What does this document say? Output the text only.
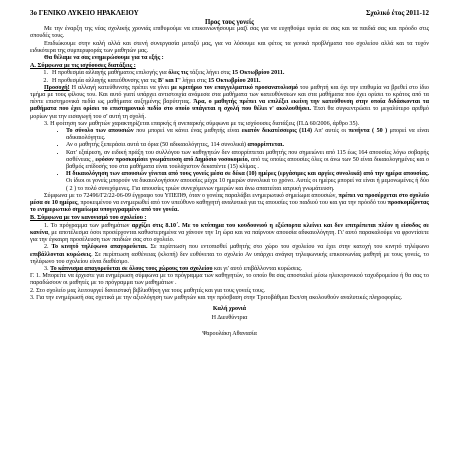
3ο ΓΕΝΙΚΟ ΛΥΚΕΙΟ ΗΡΑΚΛΕΙΟΥ	Σχολικό έτος 2011-12
Προς τους γονείς

Με την έναρξη της νέας σχολικής χρονιάς επιθυμούμε να επικοινωνήσουμε μαζί σας για να ευχηθούμε υγεία σε σας και τα παιδιά σας και πρόοδο στις σπουδές τους.

Επιδιώκουμε στην καλή αλλά και στενή συνεργασία μεταξύ μας, για να λύσουμε και φέτος τα γενικά προβλήματα του σχολείου αλλά και τα τυχόν ειδικότερα της συμπεριφοράς των μαθητών μας.

Θα θέλαμε να σας ενημερώσουμε για τα εξής :

Α. Σύμφωνα με τις ισχύουσες διατάξεις :
1. Η προθεσμία αλλαγής μαθήματος επιλογής για όλες τις τάξεις λήγει στις 15 Οκτωβρίου 2011.
2. Η προθεσμία αλλαγής κατεύθυνσης για τις Β' και Γ' λήγει στις 15 Οκτωβρίου 2011.

Προσοχή! Η αλλαγή κατεύθυνσης πρέπει να γίνει με κριτήριο τον επαγγελματικό προσανατολισμό του μαθητή και όχι την επιθυμία να βρεθεί στο ίδιο τμήμα με τους φίλους του. Και αυτό γιατί υπάρχει αντιστοιχία ανάμεσα στα μαθήματα των κατευθύνσεων και στα μαθήματα που έχει ορίσει το κράτος από τα πέντε επιστημονικά πεδία ως μαθήματα αυξημένης βαρύτητας. Άρα, ο μαθητής πρέπει να επιλέξει εκείνη την κατεύθυνση στην οποία διδάσκονται τα μαθήματα που έχει ορίσει το επιστημονικό πεδίο στο οποίο υπάγεται η σχολή που θέλει ν' ακολουθήσει. Έτσι θα συγκεντρώσει το μεγαλύτερο αριθμό μορίων για την εισαγωγή του σ' αυτή τη σχολή.

3. Η φοίτηση των μαθητών χαρακτηρίζεται επαρκής ή ανεπαρκής σύμφωνα με τις ισχύουσες διατάξεις (Π.Δ 60/2006, άρθρο 35).

• Το σύνολο των απουσιών που μπορεί να κάνει ένας μαθητής είναι εκατόν δεκατέσσερις (114) Απ' αυτές οι πενήντα ( 50 ) μπορεί να είναι αδικαιολόγητες.
• Αν ο μαθητής ξεπεράσει αυτά τα όρια (50 αδικαιολόγητες, 114 συνολικά) απορρίπτεται.
• Κατ' εξαίρεση, αν ειδική πράξη του συλλόγου των καθηγητών δεν απορρίπτεται μαθητής που σημειώνει από 115 έως 164 απουσίες λόγω σοβαρής ασθένειας , εφόσον προσκομίσει γνωμάτευση από Δημόσιο νοσοκομείο, από τις οποίες απουσίες όλες οι άνω των 50 είναι δικαιολογημένες και ο βαθμός επίδοσής του στα μαθήματα είναι τουλάχιστον δεκαπέντε (15) κλίμας .
• Η δικαιολόγηση των απουσιών γίνεται από τους γονείς μέσα σε δέκα (10) ημέρες (εργάσιμες και αργίες συνολικά) από την ημέρα απουσίας. Οι ίδιοι οι γονείς μπορούν να δικαιολογήσουν απουσίες μέχρι 10 ημερών συνολικά το χρόνο. Αυτές οι ημέρες μπορεί να είναι ή μεμονωμένες ή δύο ( 2 ) το πολύ συνεχόμενες. Για απουσίες τριών συνεχόμενων ημερών και άνω απαιτείται ιατρική γνωμάτευση.

Σύμφωνα με το 72496/Γ2/22-06-09 έγγραφο του ΥΠΕΠΘ, όταν ο γονέας παραλάβει ενημερωτικό σημείωμα απουσιών, πρέπει να προσέρχεται στο σχολείο μέσα σε 10 ημέρες, προκειμένου να ενημερωθεί από τον υπεύθυνο καθηγητή αναλυτικά για τις απουσίες του παιδιού του και για την πρόοδό του προσκομίζοντας το ενημερωτικό σημείωμα υπογεγραμμένο από τον γονέα.

Β. Σύμφωνα με τον κανονισμό του σχολείου :

1. Το πρόγραμμα των μαθημάτων αρχίζει στις 8.10΄. Με το κτύπημα του κουδουνιού η εξώπορτα κλείνει και δεν επιτρέπεται πλέον η είσοδος σε κανένα, με αποτέλεσμα όσοι προσέρχονται καθυστερημένα να χάνουν την 1η ώρα και να παίρνουν απουσία αδικαιολόγητη. Γι' αυτό παρακαλούμε να φροντίσετε για την έγκαιρη προσέλευση των παιδιών σας στο σχολείο.

2. Το κινητό τηλέφωνο απαγορεύεται. Σε περίπτωση που εντοπισθεί μαθητής στο χώρο του σχολείου να έχει στην κατοχή του κινητό τηλέφωνο επιβάλλονται κυρώσεις. Σε περίπτωση ασθένειας (κλοπή) δεν ευθύνεται το σχολείο Αν υπάρχει ανάγκη τηλεφωνικής επικοινωνίας μαθητή με τους γονείς, το τηλέφωνο του σχολείου είναι διαθέσιμο.

3. Το κάπνισμα απαγορεύεται σε όλους τους χώρους του σχολείου και γι' αυτό επιβάλλονται κυρώσεις.

Γ. 1. Μπορείτε να έρχεστε για ενημέρωση σύμφωνα με το πρόγραμμα των καθηγητών, το οποίο θα σας αποσταλεί μέσω ηλεκτρονικού ταχυδρομείου ή θα σας το παραδώσουν οι μαθητές με το πρόγραμμα των μαθημάτων .

2. Στο σχολείο μας λειτουργεί δανειστική βιβλιοθήκη για τους μαθητές και για τους γονείς τους.

3. Για την ενημέρωσή σας σχετικά με την αξιολόγηση των μαθητών και την πρόσβαση στην Τριτοβάθμια Εκπ/ση ακολουθούν αναλυτικές πληροφορίες.

Καλή χρονιά
Η Διευθύντρια
Ψαρουλάκη Αθανασία
